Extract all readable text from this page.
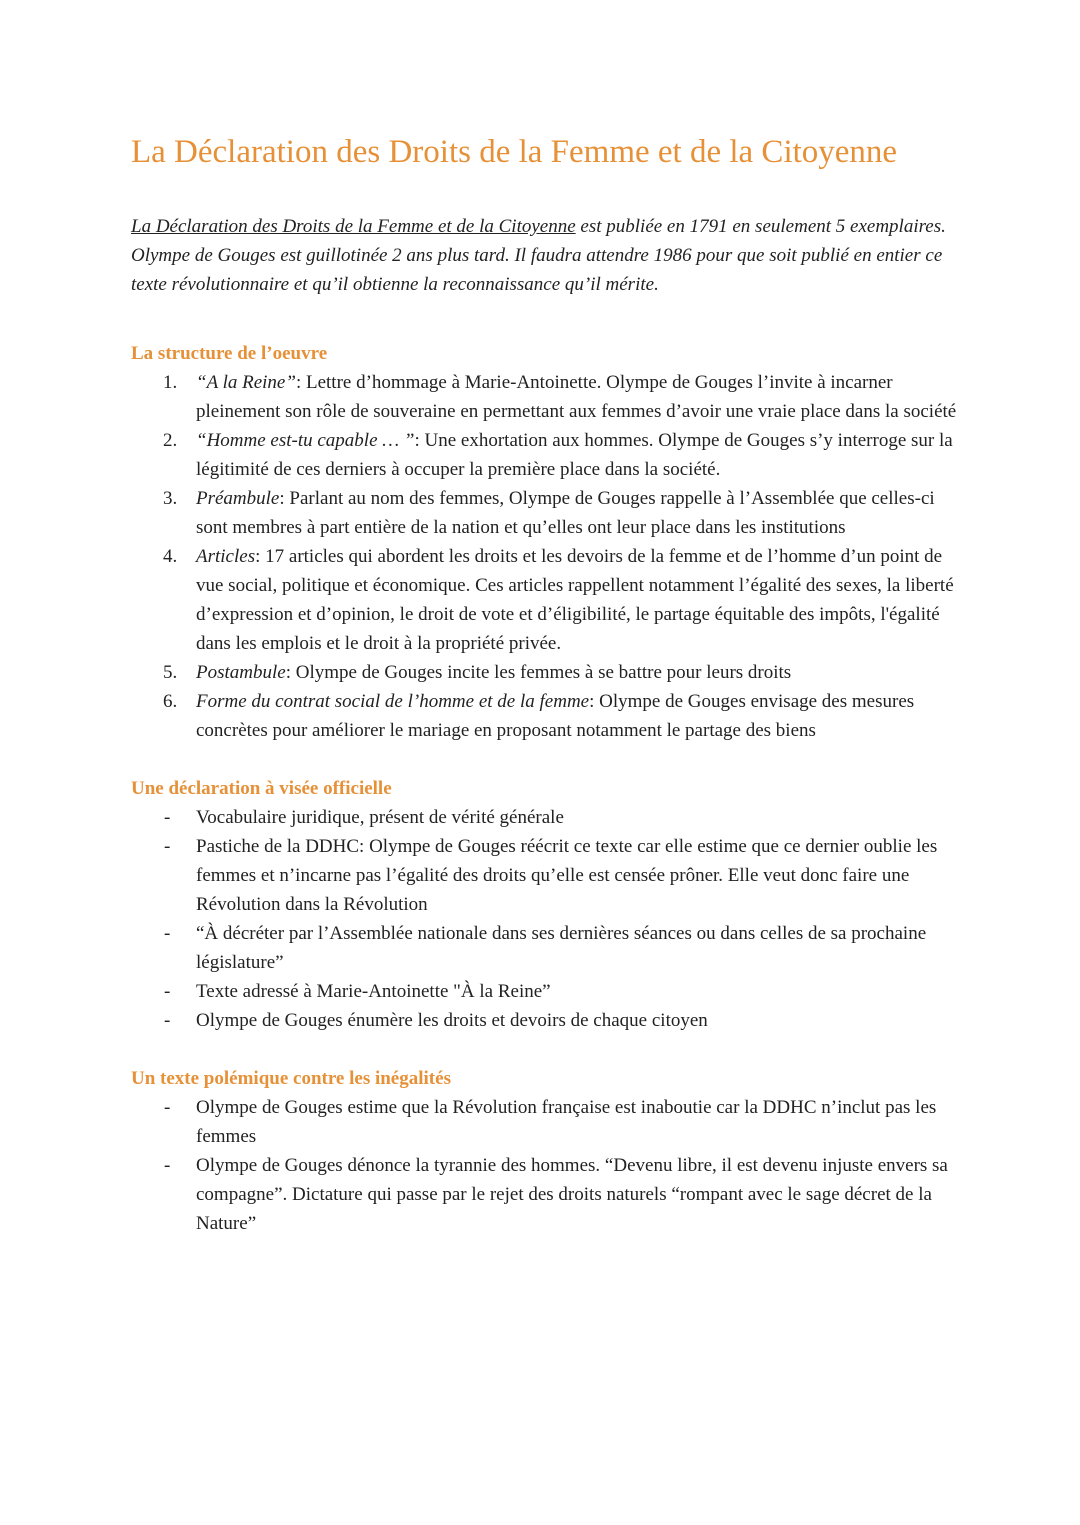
La Déclaration des Droits de la Femme et de la Citoyenne

La Déclaration des Droits de la Femme et de la Citoyenne est publiée en 1791 en seulement 5 exemplaires. Olympe de Gouges est guillotinée 2 ans plus tard. Il faudra attendre 1986 pour que soit publié en entier ce texte révolutionnaire et qu’il obtienne la reconnaissance qu’il mérite.

La structure de l’oeuvre
1. “A la Reine”: Lettre d’hommage à Marie-Antoinette. Olympe de Gouges l’invite à incarner pleinement son rôle de souveraine en permettant aux femmes d’avoir une vraie place dans la société
2. “Homme est-tu capable … ”: Une exhortation aux hommes. Olympe de Gouges s’y interroge sur la légitimité de ces derniers à occuper la première place dans la société.
3. Préambule: Parlant au nom des femmes, Olympe de Gouges rappelle à l’Assemblée que celles-ci sont membres à part entière de la nation et qu’elles ont leur place dans les institutions
4. Articles: 17 articles qui abordent les droits et les devoirs de la femme et de l’homme d’un point de vue social, politique et économique. Ces articles rappellent notamment l’égalité des sexes, la liberté d’expression et d’opinion, le droit de vote et d’éligibilité, le partage équitable des impôts, l'égalité dans les emplois et le droit à la propriété privée.
5. Postambule: Olympe de Gouges incite les femmes à se battre pour leurs droits
6. Forme du contrat social de l’homme et de la femme: Olympe de Gouges envisage des mesures concrètes pour améliorer le mariage en proposant notamment le partage des biens
Une déclaration à visée officielle
- Vocabulaire juridique, présent de vérité générale
- Pastiche de la DDHC: Olympe de Gouges réécrit ce texte car elle estime que ce dernier oublie les femmes et n’incarne pas l’égalité des droits qu’elle est censée prôner. Elle veut donc faire une Révolution dans la Révolution
- “À décréter par l’Assemblée nationale dans ses dernières séances ou dans celles de sa prochaine législature”
- Texte adressé à Marie-Antoinette "À la Reine”
- Olympe de Gouges énumère les droits et devoirs de chaque citoyen
Un texte polémique contre les inégalités
- Olympe de Gouges estime que la Révolution française est inaboutie car la DDHC n’inclut pas les femmes
- Olympe de Gouges dénonce la tyrannie des hommes. “Devenu libre, il est devenu injuste envers sa compagne”. Dictature qui passe par le rejet des droits naturels “rompant avec le sage décret de la Nature”
